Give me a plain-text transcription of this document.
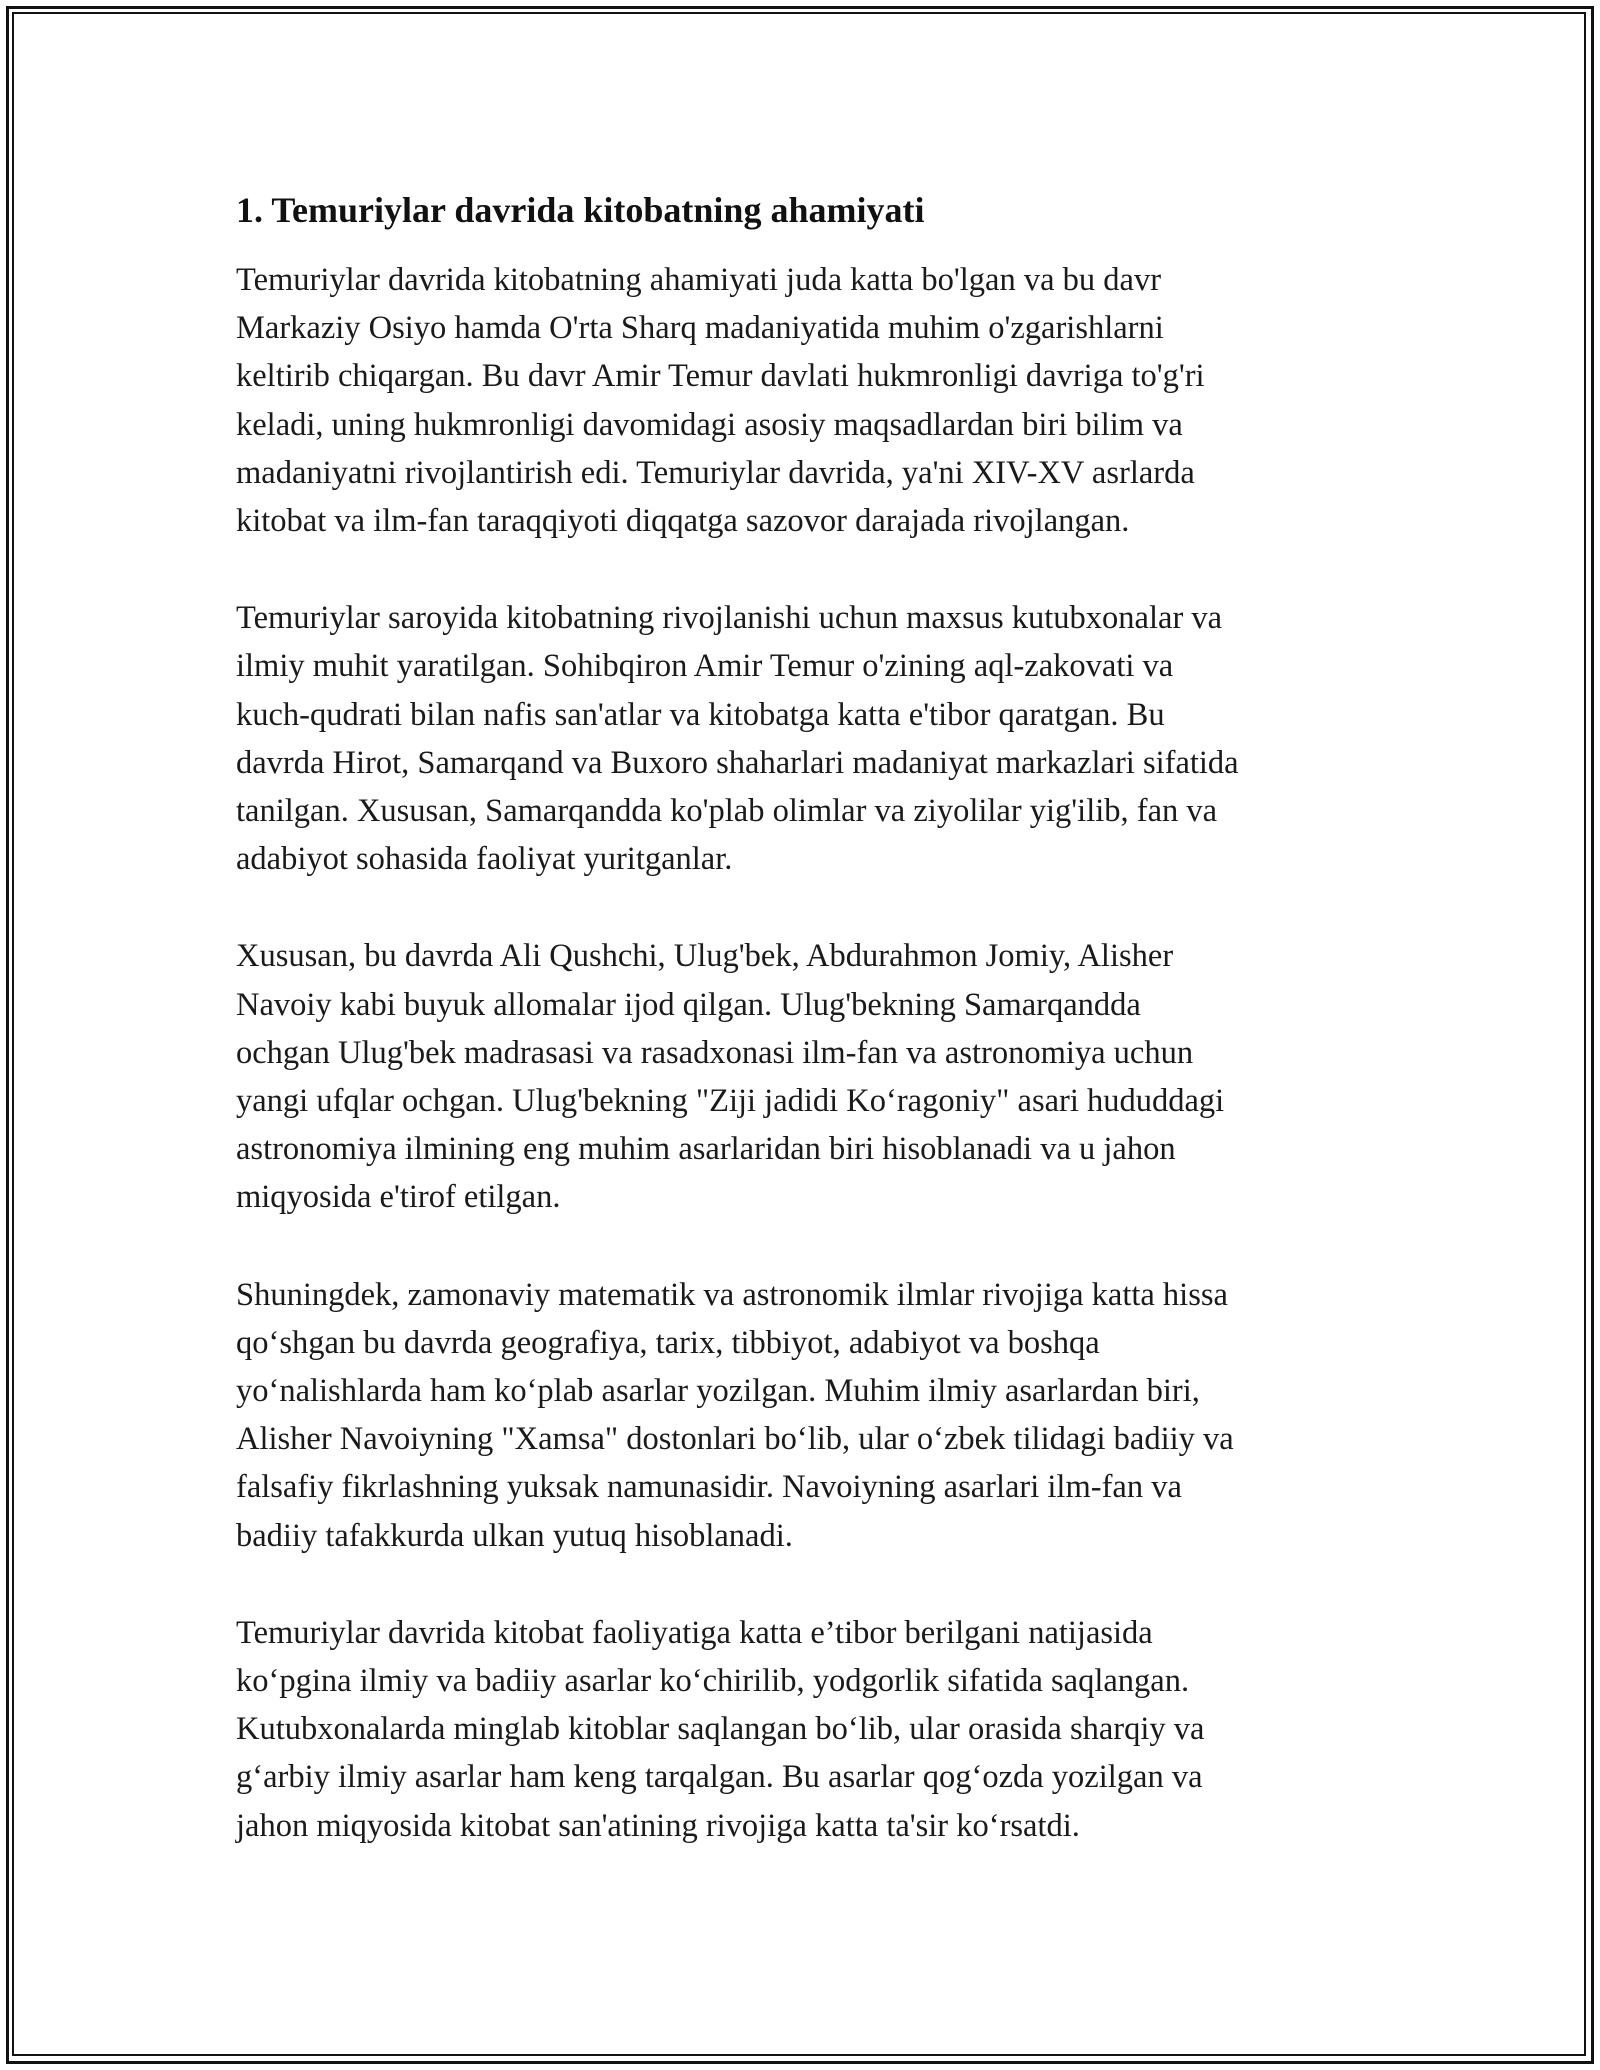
1. Temuriylar davrida kitobatning ahamiyati

Temuriylar davrida kitobatning ahamiyati juda katta bo'lgan va bu davr
Markaziy Osiyo hamda O'rta Sharq madaniyatida muhim o'zgarishlarni
keltirib chiqargan. Bu davr Amir Temur davlati hukmronligi davriga to'g'ri
keladi, uning hukmronligi davomidagi asosiy maqsadlardan biri bilim va
madaniyatni rivojlantirish edi. Temuriylar davrida, ya'ni XIV-XV asrlarda
kitobat va ilm-fan taraqqiyoti diqqatga sazovor darajada rivojlangan.

Temuriylar saroyida kitobatning rivojlanishi uchun maxsus kutubxonalar va
ilmiy muhit yaratilgan. Sohibqiron Amir Temur o'zining aql-zakovati va
kuch-qudrati bilan nafis san'atlar va kitobatga katta e'tibor qaratgan. Bu
davrda Hirot, Samarqand va Buxoro shaharlari madaniyat markazlari sifatida
tanilgan. Xususan, Samarqandda ko'plab olimlar va ziyolilar yig'ilib, fan va
adabiyot sohasida faoliyat yuritganlar.

Xususan, bu davrda Ali Qushchi, Ulug'bek, Abdurahmon Jomiy, Alisher
Navoiy kabi buyuk allomalar ijod qilgan. Ulug'bekning Samarqandda
ochgan Ulug'bek madrasasi va rasadxonasi ilm-fan va astronomiya uchun
yangi ufqlar ochgan. Ulug'bekning "Ziji jadidi Ko‘ragoniy" asari hududdagi
astronomiya ilmining eng muhim asarlaridan biri hisoblanadi va u jahon
miqyosida e'tirof etilgan.

Shuningdek, zamonaviy matematik va astronomik ilmlar rivojiga katta hissa
qo‘shgan bu davrda geografiya, tarix, tibbiyot, adabiyot va boshqa
yo‘nalishlarda ham ko‘plab asarlar yozilgan. Muhim ilmiy asarlardan biri,
Alisher Navoiyning "Xamsa" dostonlari bo‘lib, ular o‘zbek tilidagi badiiy va
falsafiy fikrlashning yuksak namunasidir. Navoiyning asarlari ilm-fan va
badiiy tafakkurda ulkan yutuq hisoblanadi.

Temuriylar davrida kitobat faoliyatiga katta e’tibor berilgani natijasida
ko‘pgina ilmiy va badiiy asarlar ko‘chirilib, yodgorlik sifatida saqlangan.
Kutubxonalarda minglab kitoblar saqlangan bo‘lib, ular orasida sharqiy va
g‘arbiy ilmiy asarlar ham keng tarqalgan. Bu asarlar qog‘ozda yozilgan va
jahon miqyosida kitobat san'atining rivojiga katta ta'sir ko‘rsatdi.
